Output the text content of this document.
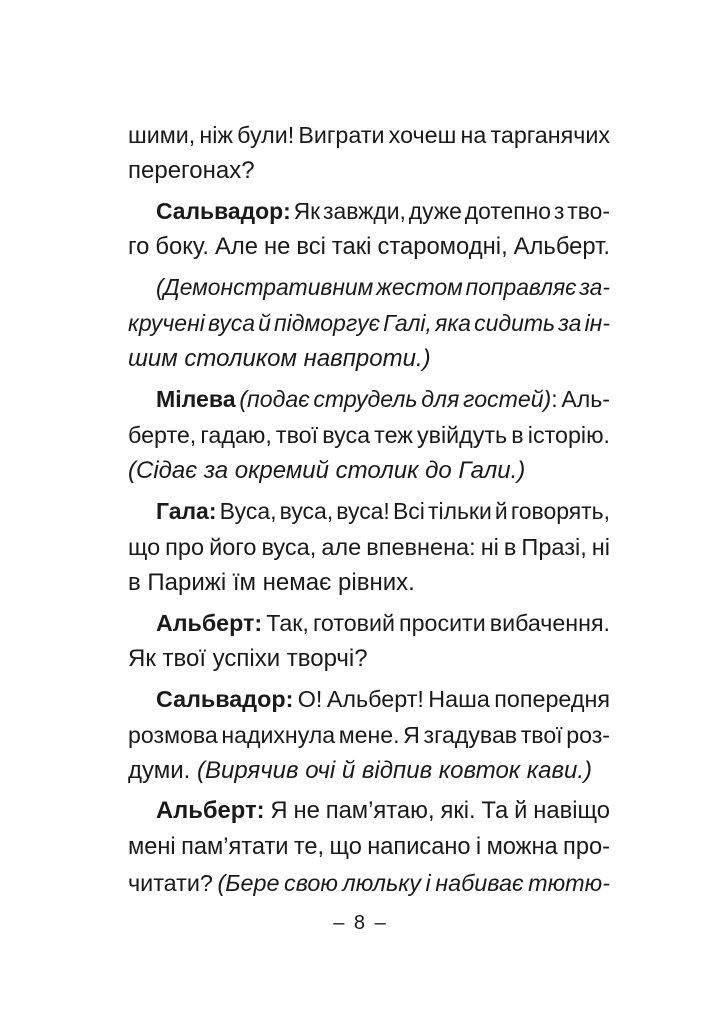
шими, ніж були! Виграти хочеш на тарганячих
перегонах?
Сальвадор: Як завжди, дуже дотепно з тво-
го боку. Але не всі такі старомодні, Альберт.
(Демонстративним жестом поправляє за-
кручені вуса й підморгує Галі, яка сидить за ін-
шим столиком навпроти.)
Мілева (подає струдель для гостей): Аль-
берте, гадаю, твої вуса теж увійдуть в історію.
(Сідає за окремий столик до Гали.)
Гала: Вуса, вуса, вуса! Всі тільки й говорять,
що про його вуса, але впевнена: ні в Празі, ні
в Парижі їм немає рівних.
Альберт: Так, готовий просити вибачення.
Як твої успіхи творчі?
Сальвадор: О! Альберт! Наша попередня
розмова надихнула мене. Я згадував твої роз-
думи. (Вирячив очі й відпив ковток кави.)
Альберт: Я не пам’ятаю, які. Та й навіщо
мені пам’ятати те, що написано і можна про-
читати? (Бере свою люльку і набиває тютю-
– 8 –
